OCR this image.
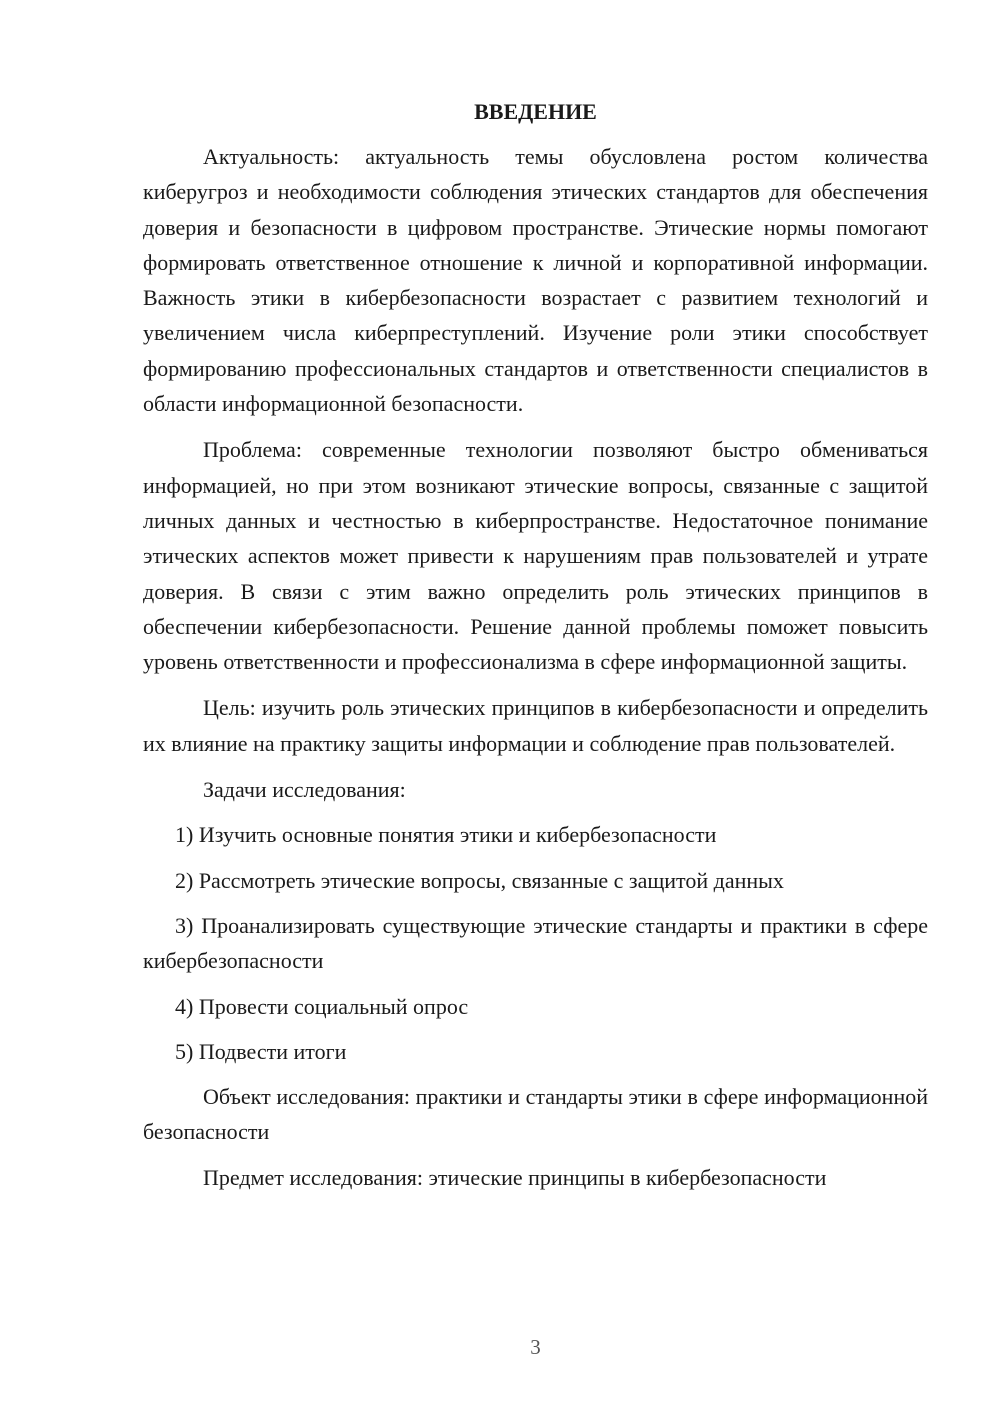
ВВЕДЕНИЕ

Актуальность: актуальность темы обусловлена ростом количества киберугроз и необходимости соблюдения этических стандартов для обеспечения доверия и безопасности в цифровом пространстве. Этические нормы помогают формировать ответственное отношение к личной и корпоративной информации. Важность этики в кибербезопасности возрастает с развитием технологий и увеличением числа киберпреступлений. Изучение роли этики способствует формированию профессиональных стандартов и ответственности специалистов в области информационной безопасности.

Проблема: современные технологии позволяют быстро обмениваться информацией, но при этом возникают этические вопросы, связанные с защитой личных данных и честностью в киберпространстве. Недостаточное понимание этических аспектов может привести к нарушениям прав пользователей и утрате доверия. В связи с этим важно определить роль этических принципов в обеспечении кибербезопасности. Решение данной проблемы поможет повысить уровень ответственности и профессионализма в сфере информационной защиты.

Цель: изучить роль этических принципов в кибербезопасности и определить их влияние на практику защиты информации и соблюдение прав пользователей.

Задачи исследования:

1) Изучить основные понятия этики и кибербезопасности

2) Рассмотреть этические вопросы, связанные с защитой данных

3) Проанализировать существующие этические стандарты и практики в сфере кибербезопасности

4) Провести социальный опрос

5) Подвести итоги

Объект исследования: практики и стандарты этики в сфере информационной безопасности

Предмет исследования: этические принципы в кибербезопасности

3
